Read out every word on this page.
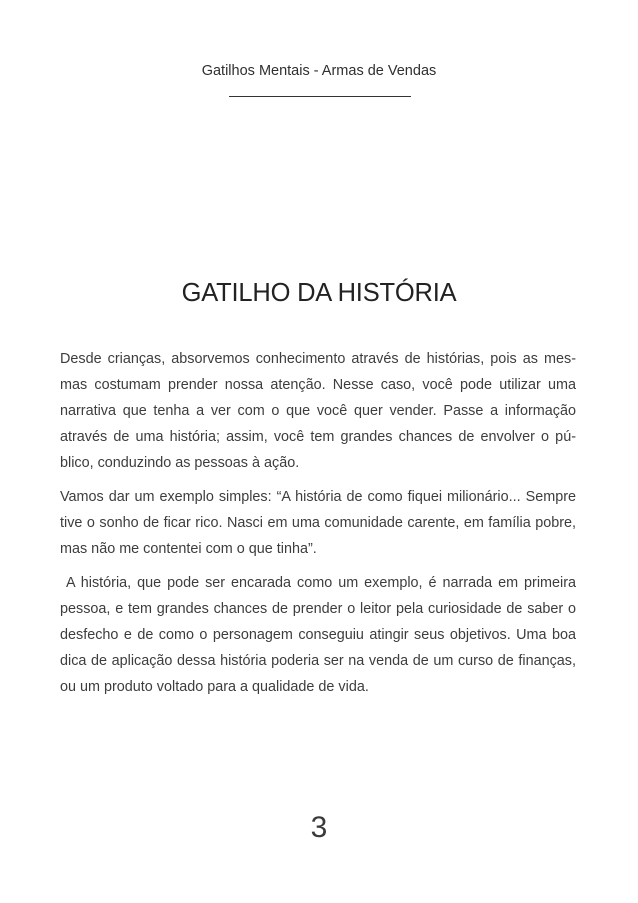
Gatilhos Mentais - Armas de Vendas
GATILHO DA HISTÓRIA

Desde crianças, absorvemos conhecimento através de histórias, pois as mesmas costumam prender nossa atenção. Nesse caso, você pode utilizar uma narrativa que tenha a ver com o que você quer vender. Passe a informação através de uma história; assim, você tem grandes chances de envolver o público, conduzindo as pessoas à ação.

Vamos dar um exemplo simples: “A história de como fiquei milionário... Sempre tive o sonho de ficar rico. Nasci em uma comunidade carente, em família pobre, mas não me contentei com o que tinha”.

A história, que pode ser encarada como um exemplo, é narrada em primeira pessoa, e tem grandes chances de prender o leitor pela curiosidade de saber o desfecho e de como o personagem conseguiu atingir seus objetivos. Uma boa dica de aplicação dessa história poderia ser na venda de um curso de finanças, ou um produto voltado para a qualidade de vida.

3
